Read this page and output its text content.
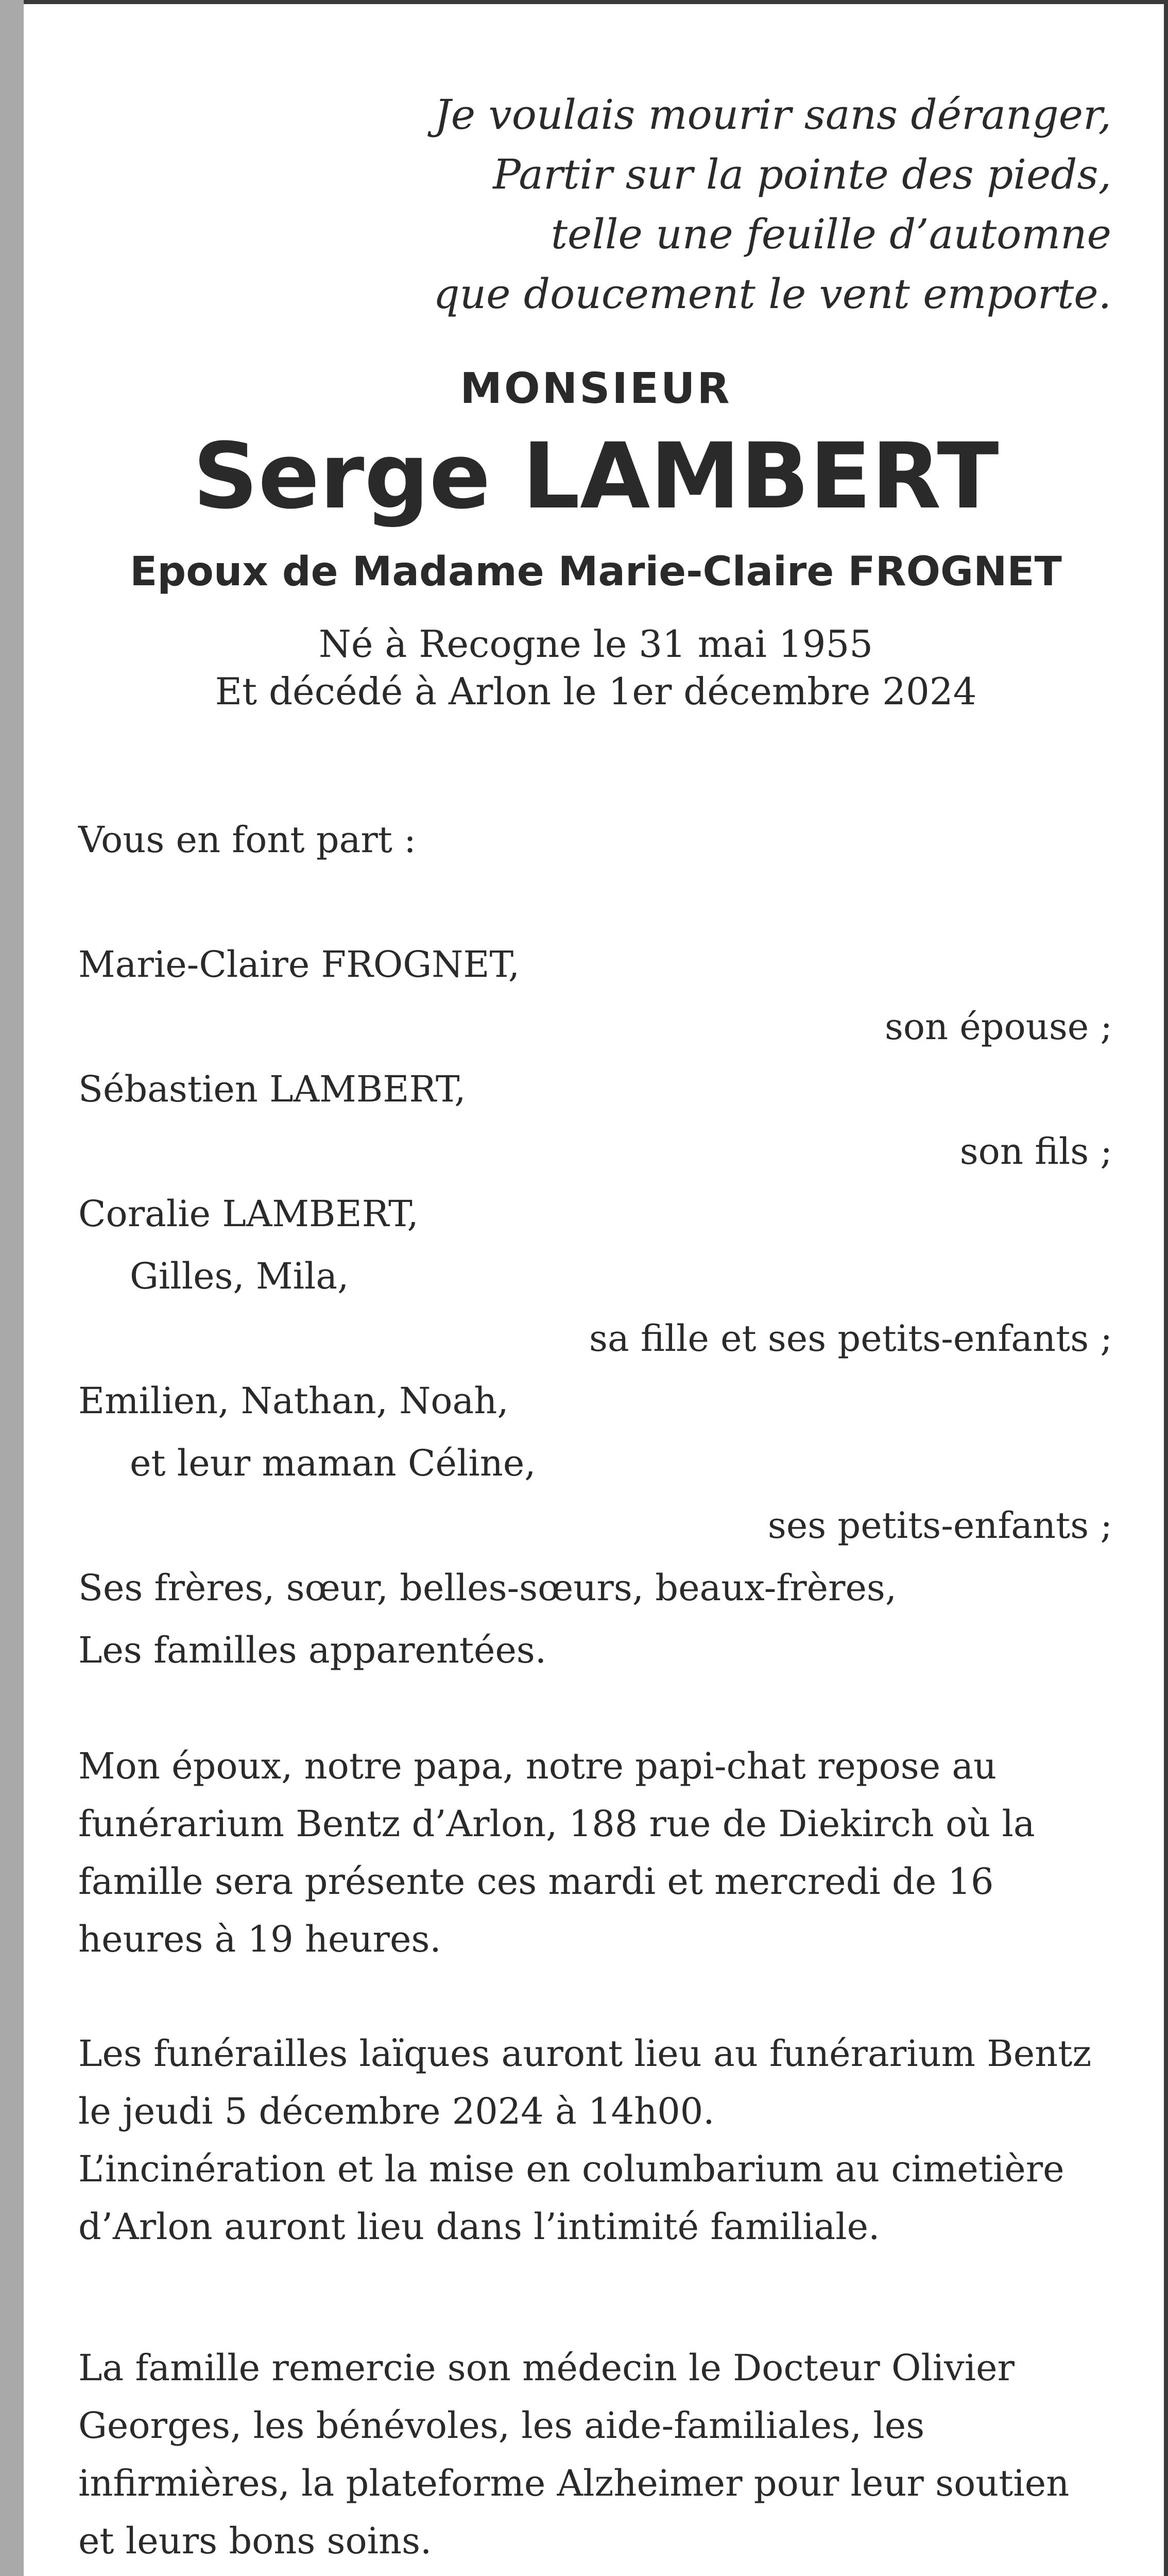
Je voulais mourir sans déranger,
Partir sur la pointe des pieds,
telle une feuille d’automne
que doucement le vent emporte.
MONSIEUR
Serge LAMBERT
Epoux de Madame Marie-Claire FROGNET
Né à Recogne le 31 mai 1955
Et décédé à Arlon le 1er décembre 2024
Vous en font part :
Marie-Claire FROGNET,
son épouse ;
Sébastien LAMBERT,
son fils ;
Coralie LAMBERT,
Gilles, Mila,
sa fille et ses petits-enfants ;
Emilien, Nathan, Noah,
et leur maman Céline,
ses petits-enfants ;
Ses frères, sœur, belles-sœurs, beaux-frères,
Les familles apparentées.
Mon époux, notre papa, notre papi-chat repose au funérarium Bentz d’Arlon, 188 rue de Diekirch où la famille sera présente ces mardi et mercredi de 16 heures à 19 heures.
Les funérailles laïques auront lieu au funérarium Bentz le jeudi 5 décembre 2024 à 14h00.
L’incinération et la mise en columbarium au cimetière d’Arlon auront lieu dans l’intimité familiale.
La famille remercie son médecin le Docteur Olivier Georges, les bénévoles, les aide-familiales, les infirmières, la plateforme Alzheimer pour leur soutien et leurs bons soins.
